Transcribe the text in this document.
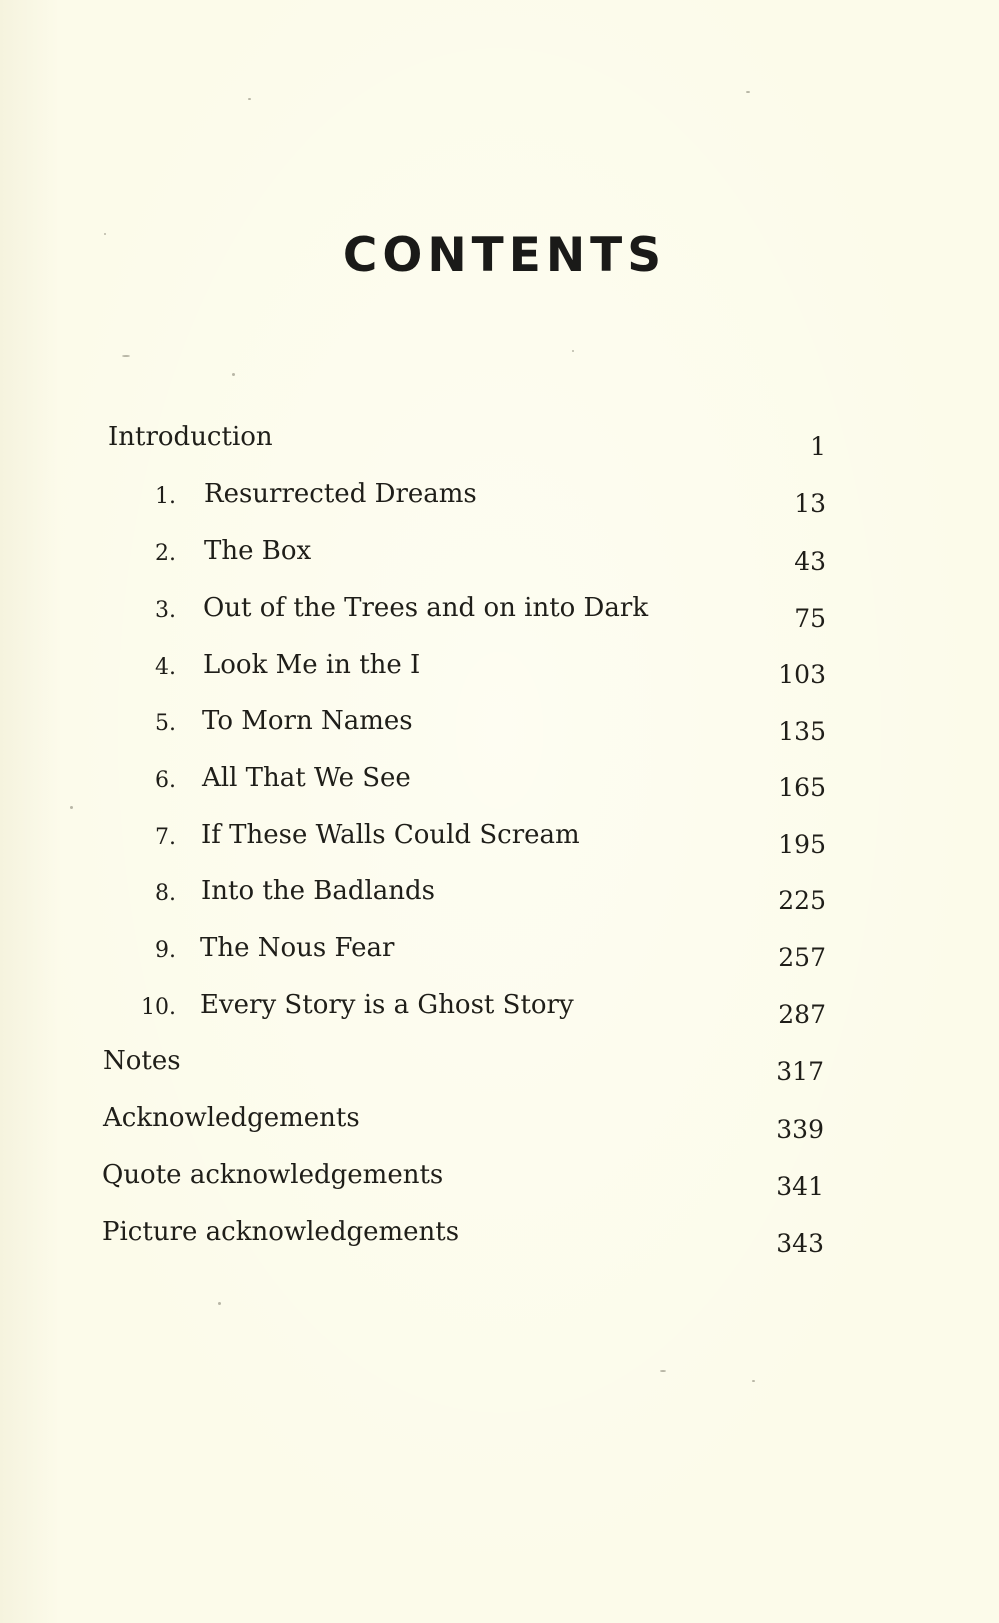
CONTENTS
Introduction	1
1. Resurrected Dreams	13
2. The Box	43
3. Out of the Trees and on into Dark	75
4. Look Me in the I	103
5. To Morn Names	135
6. All That We See	165
7. If These Walls Could Scream	195
8. Into the Badlands	225
9. The Nous Fear	257
10. Every Story is a Ghost Story	287
Notes	317
Acknowledgements	339
Quote acknowledgements	341
Picture acknowledgements	343
